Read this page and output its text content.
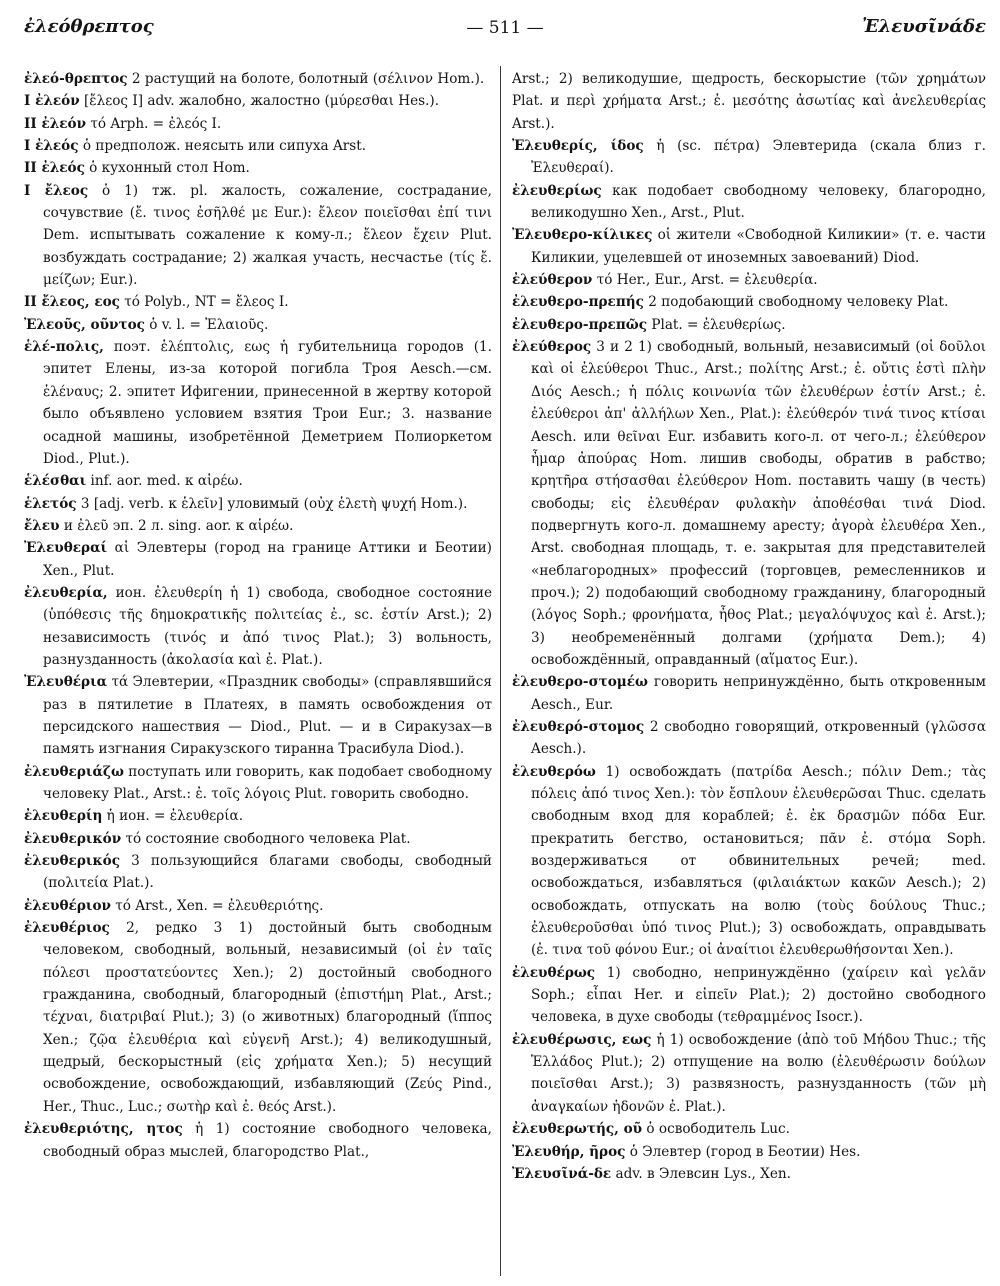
ἐλεόθρεπτος	— 511 —	Ἐλευσῖνάδε

ἐλεό-θρεπτος 2 растущий на болоте, болотный (σέλινον Hom.).

I ἐλεόν [ἔλεος I] adv. жалобно, жалостно (μύρεσθαι Hes.).

II ἐλεόν τό Arph. = ἐλεός I.

I ἐλεός ὁ предполож. неясыть или сипуха Arst.

II ἐλεός ὁ кухонный стол Hom.

I ἔλεος ὁ 1) тж. pl. жалость, сожаление, сострадание, сочувствие (ἔ. τινος ἐσῆλθέ με Eur.): ἔλεον ποιεῖσθαι ἐπί τινι Dem. испытывать сожаление к кому-л.; ἔλεον ἔχειν Plut. возбуждать сострадание; 2) жалкая участь, несчастье (τίς ἔ. μείζων; Eur.).

II ἔλεος, εος τό Polyb., NT = ἔλεος I.

Ἐλεοῦς, οῦντος ὁ v. l. = Ἐλαιοῦς.

ἑλέ-πολις, поэт. ἑλέπτολις, εως ἡ губительница городов (1. эпитет Елены, из-за которой погибла Троя Aesch.—см. ἑλέναυς; 2. эпитет Ифигении, принесенной в жертву которой было объявлено условием взятия Трои Eur.; 3. название осадной машины, изобретённой Деметрием Полиоркетом Diod., Plut.).

ἑλέσθαι inf. aor. med. к αἱρέω.

ἑλετός 3 [adj. verb. к ἑλεῖν] уловимый (οὐχ ἑλετὴ ψυχή Hom.).

ἔλευ и ἐλεῦ эп. 2 л. sing. aor. к αἱρέω.

Ἐλευθεραί αἱ Элевтеры (город на границе Аттики и Беотии) Xen., Plut.

ἐλευθερία, ион. ἐλευθερίη ἡ 1) свобода, свободное состояние (ὑπόθεσις τῆς δημοκρατικῆς πολιτείας ἐ., sc. ἐστίν Arst.); 2) независимость (τινός и ἀπό τινος Plat.); 3) вольность, разнузданность (ἀκολασία καὶ ἐ. Plat.).

Ἐλευθέρια τά Элевтерии, «Праздник свободы» (справлявшийся раз в пятилетие в Платеях, в память освобождения от персидского нашествия — Diod., Plut. — и в Сиракузах—в память изгнания Сиракузского тиранна Трасибула Diod.).

ἐλευθεριάζω поступать или говорить, как подобает свободному человеку Plat., Arst.: ἐ. τοῖς λόγοις Plut. говорить свободно.

ἐλευθερίη ἡ ион. = ἐλευθερία.

ἐλευθερικόν τό состояние свободного человека Plat.

ἐλευθερικός 3 пользующийся благами свободы, свободный (πολιτεία Plat.).

ἐλευθέριον τό Arst., Xen. = ἐλευθεριότης.

ἐλευθέριος 2, редко 3 1) достойный быть свободным человеком, свободный, вольный, независимый (οἱ ἐν ταῖς πόλεσι προστατεύοντες Xen.); 2) достойный свободного гражданина, свободный, благородный (ἐπιστήμη Plat., Arst.; τέχναι, διατριβαί Plut.); 3) (о животных) благородный (ἵππος Xen.; ζῷα ἐλευθέρια καὶ εὐγενῆ Arst.); 4) великодушный, щедрый, бескорыстный (εἰς χρήματα Xen.); 5) несущий освобождение, освобождающий, избавляющий (Ζεύς Pind., Her., Thuc., Luc.; σωτὴρ καὶ ἐ. θεός Arst.).

ἐλευθεριότης, ητος ἡ 1) состояние свободного человека, свободный образ мыслей, благородство Plat.,

Arst.; 2) великодушие, щедрость, бескорыстие (τῶν χρημάτων Plat. и περὶ χρήματα Arst.; ἐ. μεσότης ἀσωτίας καὶ ἀνελευθερίας Arst.).

Ἐλευθερίς, ίδος ἡ (sc. πέτρα) Элевтерида (скала близ г. Ἐλευθεραί).

ἐλευθερίως как подобает свободному человеку, благородно, великодушно Xen., Arst., Plut.

Ἐλευθερο-κίλικες οἱ жители «Свободной Киликии» (т. е. части Киликии, уцелевшей от иноземных завоеваний) Diod.

ἐλεύθερον τό Her., Eur., Arst. = ἐλευθερία.

ἐλευθερο-πρεπής 2 подобающий свободному человеку Plat.

ἐλευθερο-πρεπῶς Plat. = ἐλευθερίως.

ἐλεύθερος 3 и 2 1) свободный, вольный, независимый (οἱ δοῦλοι καὶ οἱ ἐλεύθεροι Thuc., Arst.; πολίτης Arst.; ἐ. οὔτις ἐστὶ πλὴν Διός Aesch.; ἡ πόλις κοινωνία τῶν ἐλευθέρων ἐστίν Arst.; ἐ. ἐλεύθεροι ἀπ' ἀλλήλων Xen., Plat.): ἐλεύθερόν τινά τινος κτίσαι Aesch. или θεῖναι Eur. избавить кого-л. от чего-л.; ἐλεύθερον ἦμαρ ἀπούρας Hom. лишив свободы, обратив в рабство; κρητῆρα στήσασθαι ἐλεύθερον Hom. поставить чашу (в честь) свободы; εἰς ἐλευθέραν φυλακὴν ἀποθέσθαι τινά Diod. подвергнуть кого-л. домашнему аресту; ἀγορὰ ἐλευθέρα Xen., Arst. свободная площадь, т. е. закрытая для представителей «неблагородных» профессий (торговцев, ремесленников и проч.); 2) подобающий свободному гражданину, благородный (λόγος Soph.; φρονήματα, ἦθος Plat.; μεγαλόψυχος καὶ ἐ. Arst.); 3) необременённый долгами (χρήματα Dem.); 4) освобождённый, оправданный (αἵματος Eur.).

ἐλευθερο-στομέω говорить непринуждённо, быть откровенным Aesch., Eur.

ἐλευθερό-στομος 2 свободно говорящий, откровенный (γλῶσσα Aesch.).

ἐλευθερόω 1) освобождать (πατρίδα Aesch.; πόλιν Dem.; τὰς πόλεις ἀπό τινος Xen.): τὸν ἔσπλουν ἐλευθερῶσαι Thuc. сделать свободным вход для кораблей; ἐ. ἐκ δρασμῶν πόδα Eur. прекратить бегство, остановиться; πᾶν ἐ. στόμα Soph. воздерживаться от обвинительных речей; med. освобождаться, избавляться (φιλαιάκτων κακῶν Aesch.); 2) освобождать, отпускать на волю (τοὺς δούλους Thuc.; ἐλευθεροῦσθαι ὑπό τινος Plut.); 3) освобождать, оправдывать (ἐ. τινα τοῦ φόνου Eur.; οἱ ἀναίτιοι ἐλευθερωθήσονται Xen.).

ἐλευθέρως 1) свободно, непринуждённо (χαίρειν καὶ γελᾶν Soph.; εἶπαι Her. и εἰπεῖν Plat.); 2) достойно свободного человека, в духе свободы (τεθραμμένος Isocr.).

ἐλευθέρωσις, εως ἡ 1) освобождение (ἀπὸ τοῦ Μήδου Thuc.; τῆς Ἑλλάδος Plut.); 2) отпущение на волю (ἐλευθέρωσιν δούλων ποιεῖσθαι Arst.); 3) развязность, разнузданность (τῶν μὴ ἀναγκαίων ἡδονῶν ἐ. Plat.).

ἐλευθερωτής, οῦ ὁ освободитель Luc.

Ἐλευθήρ, ῆρος ὁ Элевтер (город в Беотии) Hes.

Ἐλευσῖνά-δε adv. в Элевсин Lys., Xen.
